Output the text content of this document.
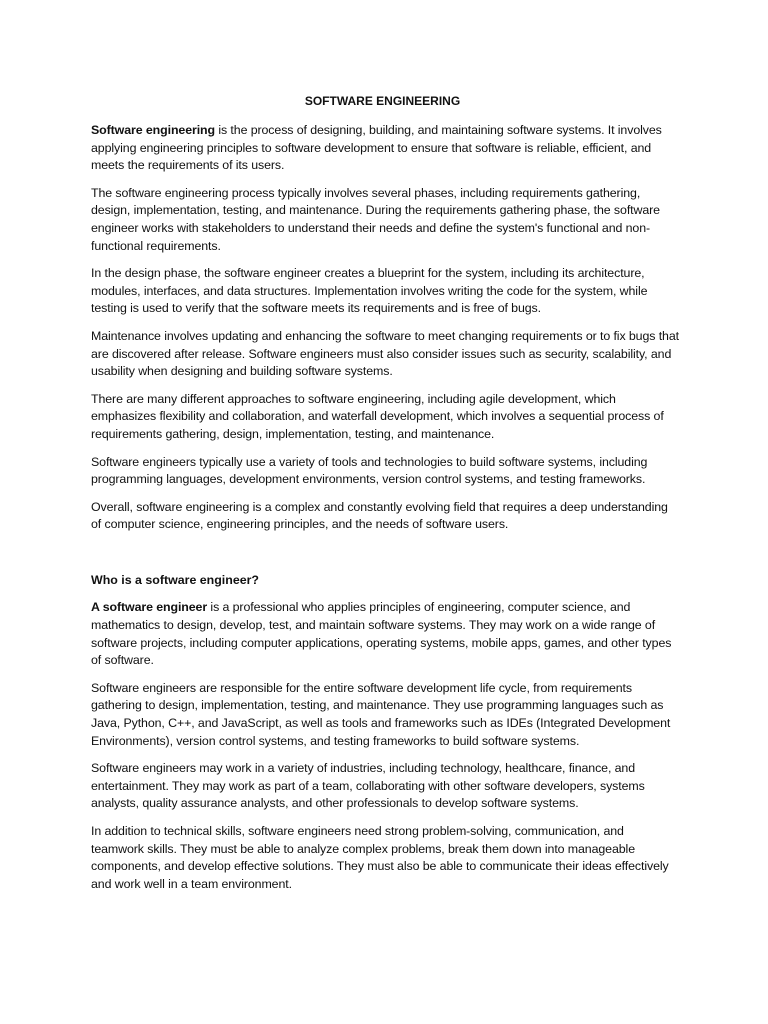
SOFTWARE ENGINEERING

Software engineering is the process of designing, building, and maintaining software systems. It involves applying engineering principles to software development to ensure that software is reliable, efficient, and meets the requirements of its users.

The software engineering process typically involves several phases, including requirements gathering, design, implementation, testing, and maintenance. During the requirements gathering phase, the software engineer works with stakeholders to understand their needs and define the system's functional and non-functional requirements.

In the design phase, the software engineer creates a blueprint for the system, including its architecture, modules, interfaces, and data structures. Implementation involves writing the code for the system, while testing is used to verify that the software meets its requirements and is free of bugs.

Maintenance involves updating and enhancing the software to meet changing requirements or to fix bugs that are discovered after release. Software engineers must also consider issues such as security, scalability, and usability when designing and building software systems.

There are many different approaches to software engineering, including agile development, which emphasizes flexibility and collaboration, and waterfall development, which involves a sequential process of requirements gathering, design, implementation, testing, and maintenance.

Software engineers typically use a variety of tools and technologies to build software systems, including programming languages, development environments, version control systems, and testing frameworks.

Overall, software engineering is a complex and constantly evolving field that requires a deep understanding of computer science, engineering principles, and the needs of software users.

Who is a software engineer?

A software engineer is a professional who applies principles of engineering, computer science, and mathematics to design, develop, test, and maintain software systems. They may work on a wide range of software projects, including computer applications, operating systems, mobile apps, games, and other types of software.

Software engineers are responsible for the entire software development life cycle, from requirements gathering to design, implementation, testing, and maintenance. They use programming languages such as Java, Python, C++, and JavaScript, as well as tools and frameworks such as IDEs (Integrated Development Environments), version control systems, and testing frameworks to build software systems.

Software engineers may work in a variety of industries, including technology, healthcare, finance, and entertainment. They may work as part of a team, collaborating with other software developers, systems analysts, quality assurance analysts, and other professionals to develop software systems.

In addition to technical skills, software engineers need strong problem-solving, communication, and teamwork skills. They must be able to analyze complex problems, break them down into manageable components, and develop effective solutions. They must also be able to communicate their ideas effectively and work well in a team environment.
